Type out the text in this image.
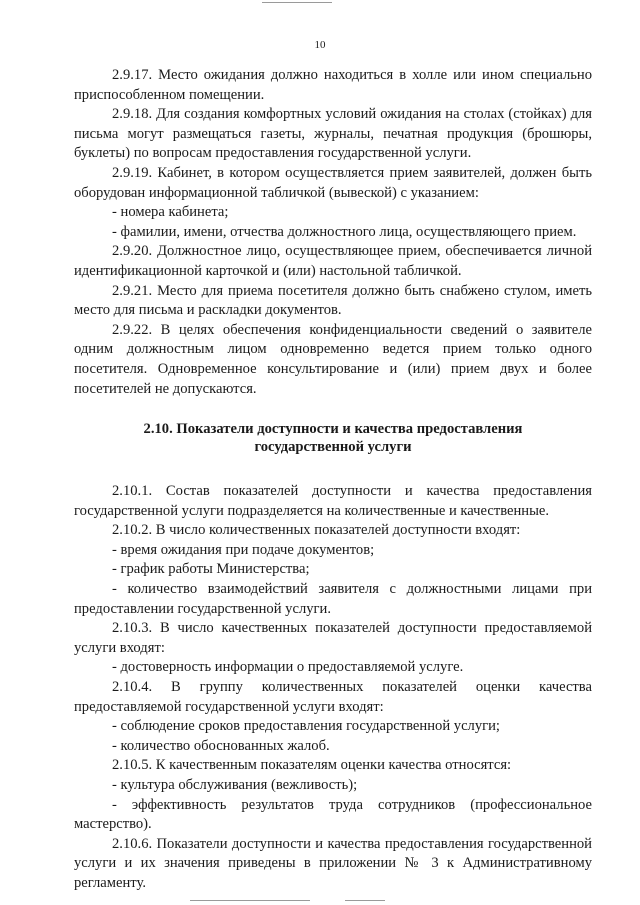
10

2.9.17. Место ожидания должно находиться в холле или ином специально приспособленном помещении.

2.9.18. Для создания комфортных условий ожидания на столах (стойках) для письма могут размещаться газеты, журналы, печатная продукция (брошюры, буклеты) по вопросам предоставления государственной услуги.

2.9.19. Кабинет, в котором осуществляется прием заявителей, должен быть оборудован информационной табличкой (вывеской) с указанием:

- номера кабинета;

- фамилии, имени, отчества должностного лица, осуществляющего прием.

2.9.20. Должностное лицо, осуществляющее прием, обеспечивается личной идентификационной карточкой и (или) настольной табличкой.

2.9.21. Место для приема посетителя должно быть снабжено стулом, иметь место для письма и раскладки документов.

2.9.22. В целях обеспечения конфиденциальности сведений о заявителе одним должностным лицом одновременно ведется прием только одного посетителя. Одновременное консультирование и (или) прием двух и более посетителей не допускаются.

2.10. Показатели доступности и качества предоставления
государственной услуги

2.10.1. Состав показателей доступности и качества предоставления государственной услуги подразделяется на количественные и качественные.

2.10.2. В число количественных показателей доступности входят:

- время ожидания при подаче документов;

- график работы Министерства;

- количество взаимодействий заявителя с должностными лицами при предоставлении государственной услуги.

2.10.3. В число качественных показателей доступности предоставляемой услуги входят:

- достоверность информации о предоставляемой услуге.

2.10.4. В группу количественных показателей оценки качества предоставляемой государственной услуги входят:

- соблюдение сроков предоставления государственной услуги;

- количество обоснованных жалоб.

2.10.5. К качественным показателям оценки качества относятся:

- культура обслуживания (вежливость);

- эффективность результатов труда сотрудников (профессиональное мастерство).

2.10.6. Показатели доступности и качества предоставления государственной услуги и их значения приведены в приложении № 3 к Административному регламенту.
